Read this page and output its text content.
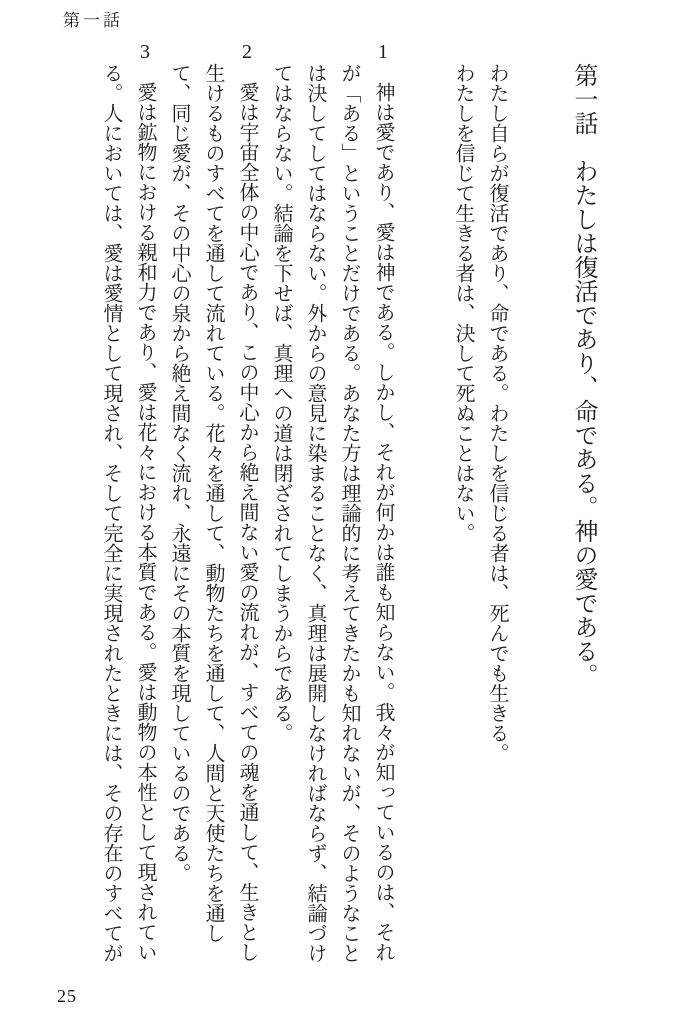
第一話

第一話　わたしは復活であり、命である。神の愛である。

わたし自らが復活であり、命である。わたしを信じる者は、死んでも生きる。

わたしを信じて生きる者は、決して死ぬことはない。

1神は愛であり、愛は神である。しかし、それが何かは誰も知らない。我々が知っているのは、それ

が「ある」ということだけである。あなた方は理論的に考えてきたかも知れないが、そのようなこと

は決してしてはならない。外からの意見に染まることなく、真理は展開しなければならず、結論づけ

てはならない。結論を下せば、真理への道は閉ざされてしまうからである。

2愛は宇宙全体の中心であり、この中心から絶え間ない愛の流れが、すべての魂を通して、生きとし

生けるものすべてを通して流れている。花々を通して、動物たちを通して、人間と天使たちを通し

て、同じ愛が、その中心の泉から絶え間なく流れ、永遠にその本質を現しているのである。

3愛は鉱物における親和力であり、愛は花々における本質である。愛は動物の本性として現されてい

る。人においては、愛は愛情として現され、そして完全に実現されたときには、その存在のすべてが

25
